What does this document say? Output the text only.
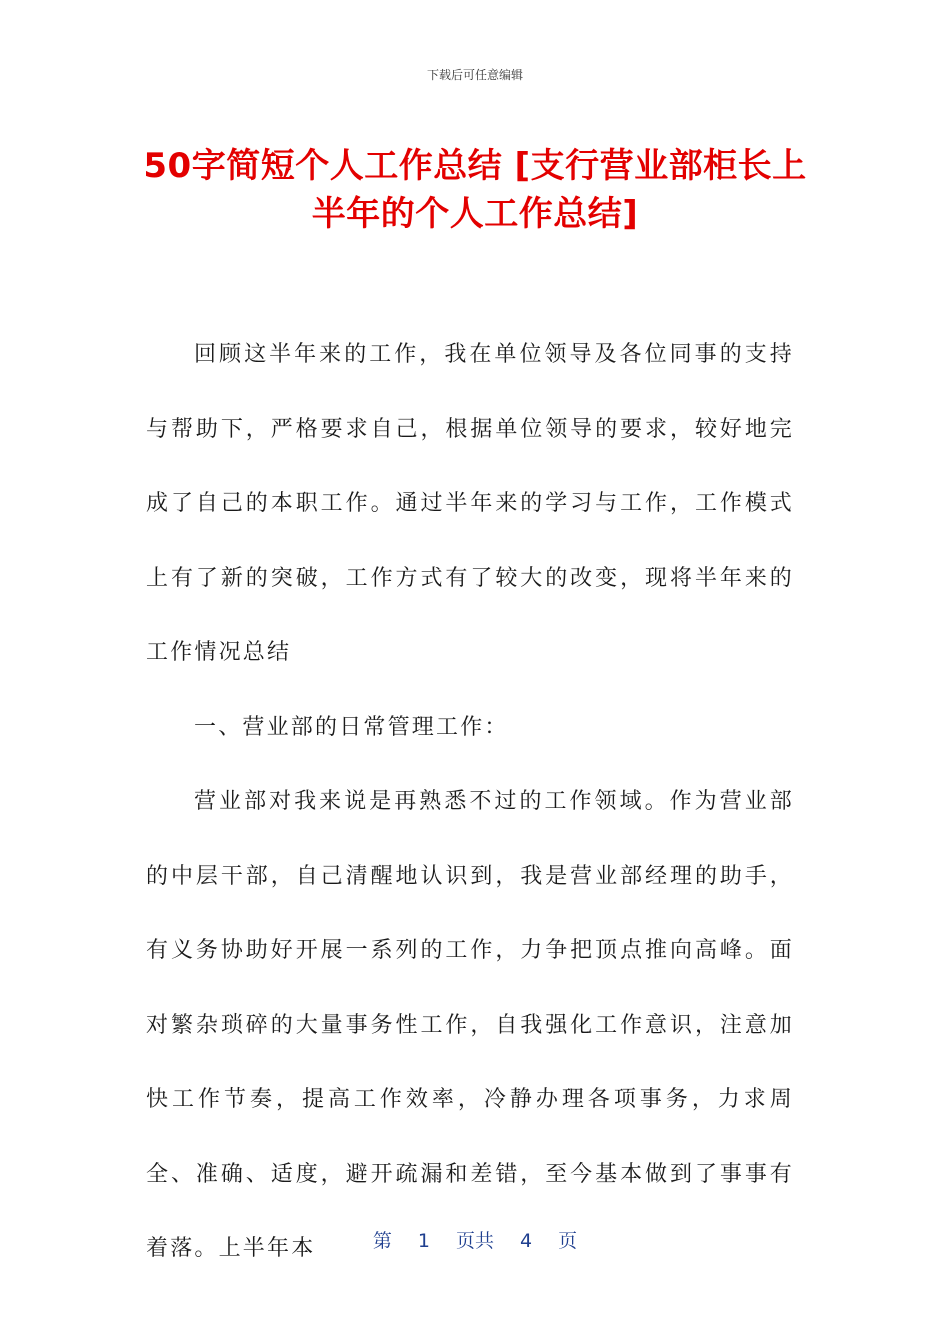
下载后可任意编辑
50字简短个人工作总结 [支行营业部柜长上半年的个人工作总结]

回顾这半年来的工作，我在单位领导及各位同事的支持与帮助下，严格要求自己，根据单位领导的要求，较好地完成了自己的本职工作。通过半年来的学习与工作，工作模式上有了新的突破，工作方式有了较大的改变，现将半年来的工作情况总结

一、营业部的日常管理工作：

营业部对我来说是再熟悉不过的工作领域。作为营业部的中层干部，自己清醒地认识到，我是营业部经理的助手，有义务协助好开展一系列的工作，力争把顶点推向高峰。面对繁杂琐碎的大量事务性工作，自我强化工作意识，注意加快工作节奏，提高工作效率，冷静办理各项事务，力求周全、准确、适度，避开疏漏和差错，至今基本做到了事事有着落。上半年本	第 1 页共 4 页
